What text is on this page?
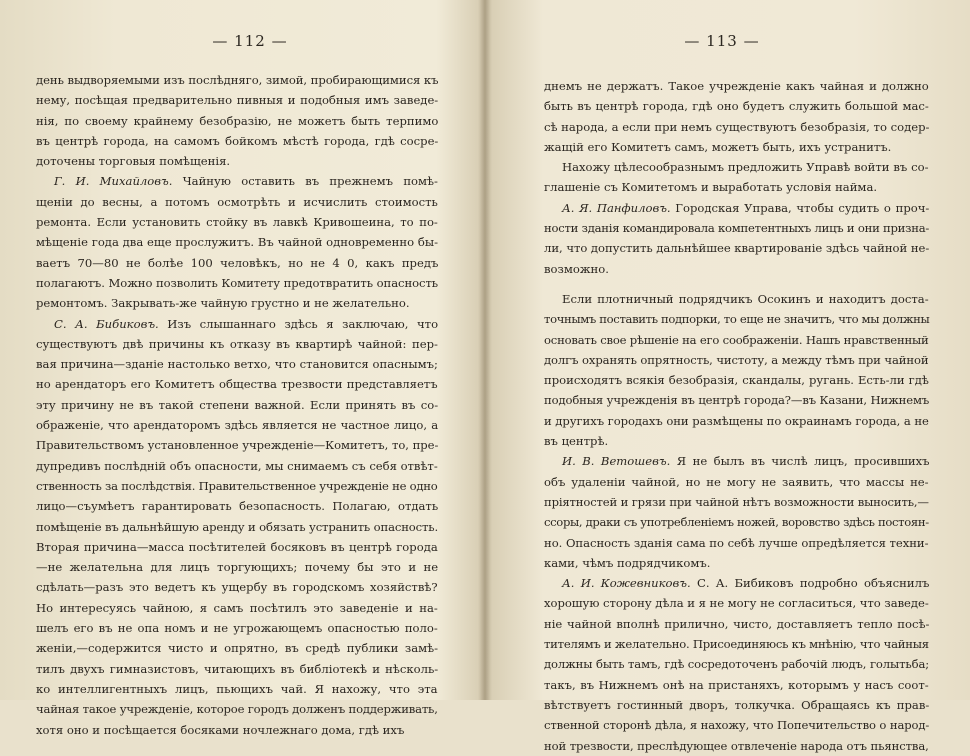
— 112 —
день выдворяемыми изъ послѣдняго, зимой, пробирающимися къ
нему, посѣщая предварительно пивныя и подобныя имъ заведе-
нія, по своему крайнему безобразію, не можетъ быть терпимо
въ центрѣ города, на самомъ бойкомъ мѣстѣ города, гдѣ сосре-
доточены торговыя помѣщенія.
Г. И. Михайловъ. Чайную оставить въ прежнемъ помѣ-
щеніи до весны, а потомъ осмотрѣть и исчислить стоимость
ремонта. Если установить стойку въ лавкѣ Кривошеина, то по-
мѣщеніе года два еще прослужитъ. Въ чайной одновременно бы-
ваетъ 70—80 не болѣе 100 человѣкъ, но не 4 0, какъ предъ
полагаютъ. Можно позволить Комитету предотвратить опасность
ремонтомъ. Закрывать-же чайную грустно и не желательно.
С. А. Бибиковъ. Изъ слышаннаго здѣсь я заключаю, что
существуютъ двѣ причины къ отказу въ квартирѣ чайной: пер-
вая причина—зданіе настолько ветхо, что становится опаснымъ;
но арендаторъ его Комитетъ общества трезвости представляетъ
эту причину не въ такой степени важной. Если принять въ со-
ображеніе, что арендаторомъ здѣсь является не частное лицо, а
Правительствомъ установленное учрежденіе—Комитетъ, то, пре-
дупредивъ послѣдній объ опасности, мы снимаемъ съ себя отвѣт-
ственность за послѣдствія. Правительственное учрежденіе не одно
лицо—съумѣетъ гарантировать безопасность. Полагаю, отдать
помѣщеніе въ дальнѣйшую аренду и обязать устранить опасность.
Вторая причина—масса посѣтителей босяковъ въ центрѣ города
—не желательна для лицъ торгующихъ; почему бы это и не
сдѣлать—разъ это ведетъ къ ущербу въ городскомъ хозяйствѣ?
Но интересуясь чайною, я самъ посѣтилъ это заведеніе и на-
шелъ его въ не опа номъ и не угрожающемъ опасностью поло-
женіи,—содержится чисто и опрятно, въ средѣ публики замѣ-
тилъ двухъ гимназистовъ, читающихъ въ библіотекѣ и нѣсколь-
ко интеллигентныхъ лицъ, пьющихъ чай. Я нахожу, что эта
чайная такое учрежденіе, которое городъ долженъ поддерживать,
хотя оно и посѣщается босяками ночлежнаго дома, гдѣ ихъ
— 113 —
днемъ не держатъ. Такое учрежденіе какъ чайная и должно
быть въ центрѣ города, гдѣ оно будетъ служить большой мас-
сѣ народа, а если при немъ существуютъ безобразія, то содер-
жащій его Комитетъ самъ, можетъ быть, ихъ устранитъ.
Нахожу цѣлесообразнымъ предложить Управѣ войти въ со-
глашеніе съ Комитетомъ и выработать условія найма.
А. Я. Панфиловъ. Городская Управа, чтобы судить о проч-
ности зданія командировала компетентныхъ лицъ и они призна-
ли, что допустить дальнѣйшее квартированіе здѣсь чайной не-
возможно.
Если плотничный подрядчикъ Осокинъ и находитъ доста-
точнымъ поставить подпорки, то еще не значитъ, что мы должны
основать свое рѣшеніе на его соображеніи. Нашъ нравственный
долгъ охранять опрятность, чистоту, а между тѣмъ при чайной
происходятъ всякія безобразія, скандалы, ругань. Есть-ли гдѣ
подобныя учрежденія въ центрѣ города?—въ Казани, Нижнемъ
и другихъ городахъ они размѣщены по окраинамъ города, а не
въ центрѣ.
И. В. Ветошевъ. Я не былъ въ числѣ лицъ, просившихъ
объ удаленіи чайной, но не могу не заявить, что массы не-
пріятностей и грязи при чайной нѣтъ возможности выносить,—
ссоры, драки съ употребленіемъ ножей, воровство здѣсь постоян-
но. Опасность зданія сама по себѣ лучше опредѣляется техни-
ками, чѣмъ подрядчикомъ.
А. И. Кожевниковъ. С. А. Бибиковъ подробно объяснилъ
хорошую сторону дѣла и я не могу не согласиться, что заведе-
ніе чайной вполнѣ прилично, чисто, доставляетъ тепло посѣ-
тителямъ и желательно. Присоединяюсь къ мнѣнію, что чайныя
должны быть тамъ, гдѣ сосредоточенъ рабочій людъ, голытьба;
такъ, въ Нижнемъ онѣ на пристаняхъ, которымъ у насъ соот-
вѣтствуетъ гостинный дворъ, толкучка. Обращаясь къ прав-
ственной сторонѣ дѣла, я нахожу, что Попечительство о народ-
ной трезвости, преслѣдующее отвлеченіе народа отъ пьянства,
